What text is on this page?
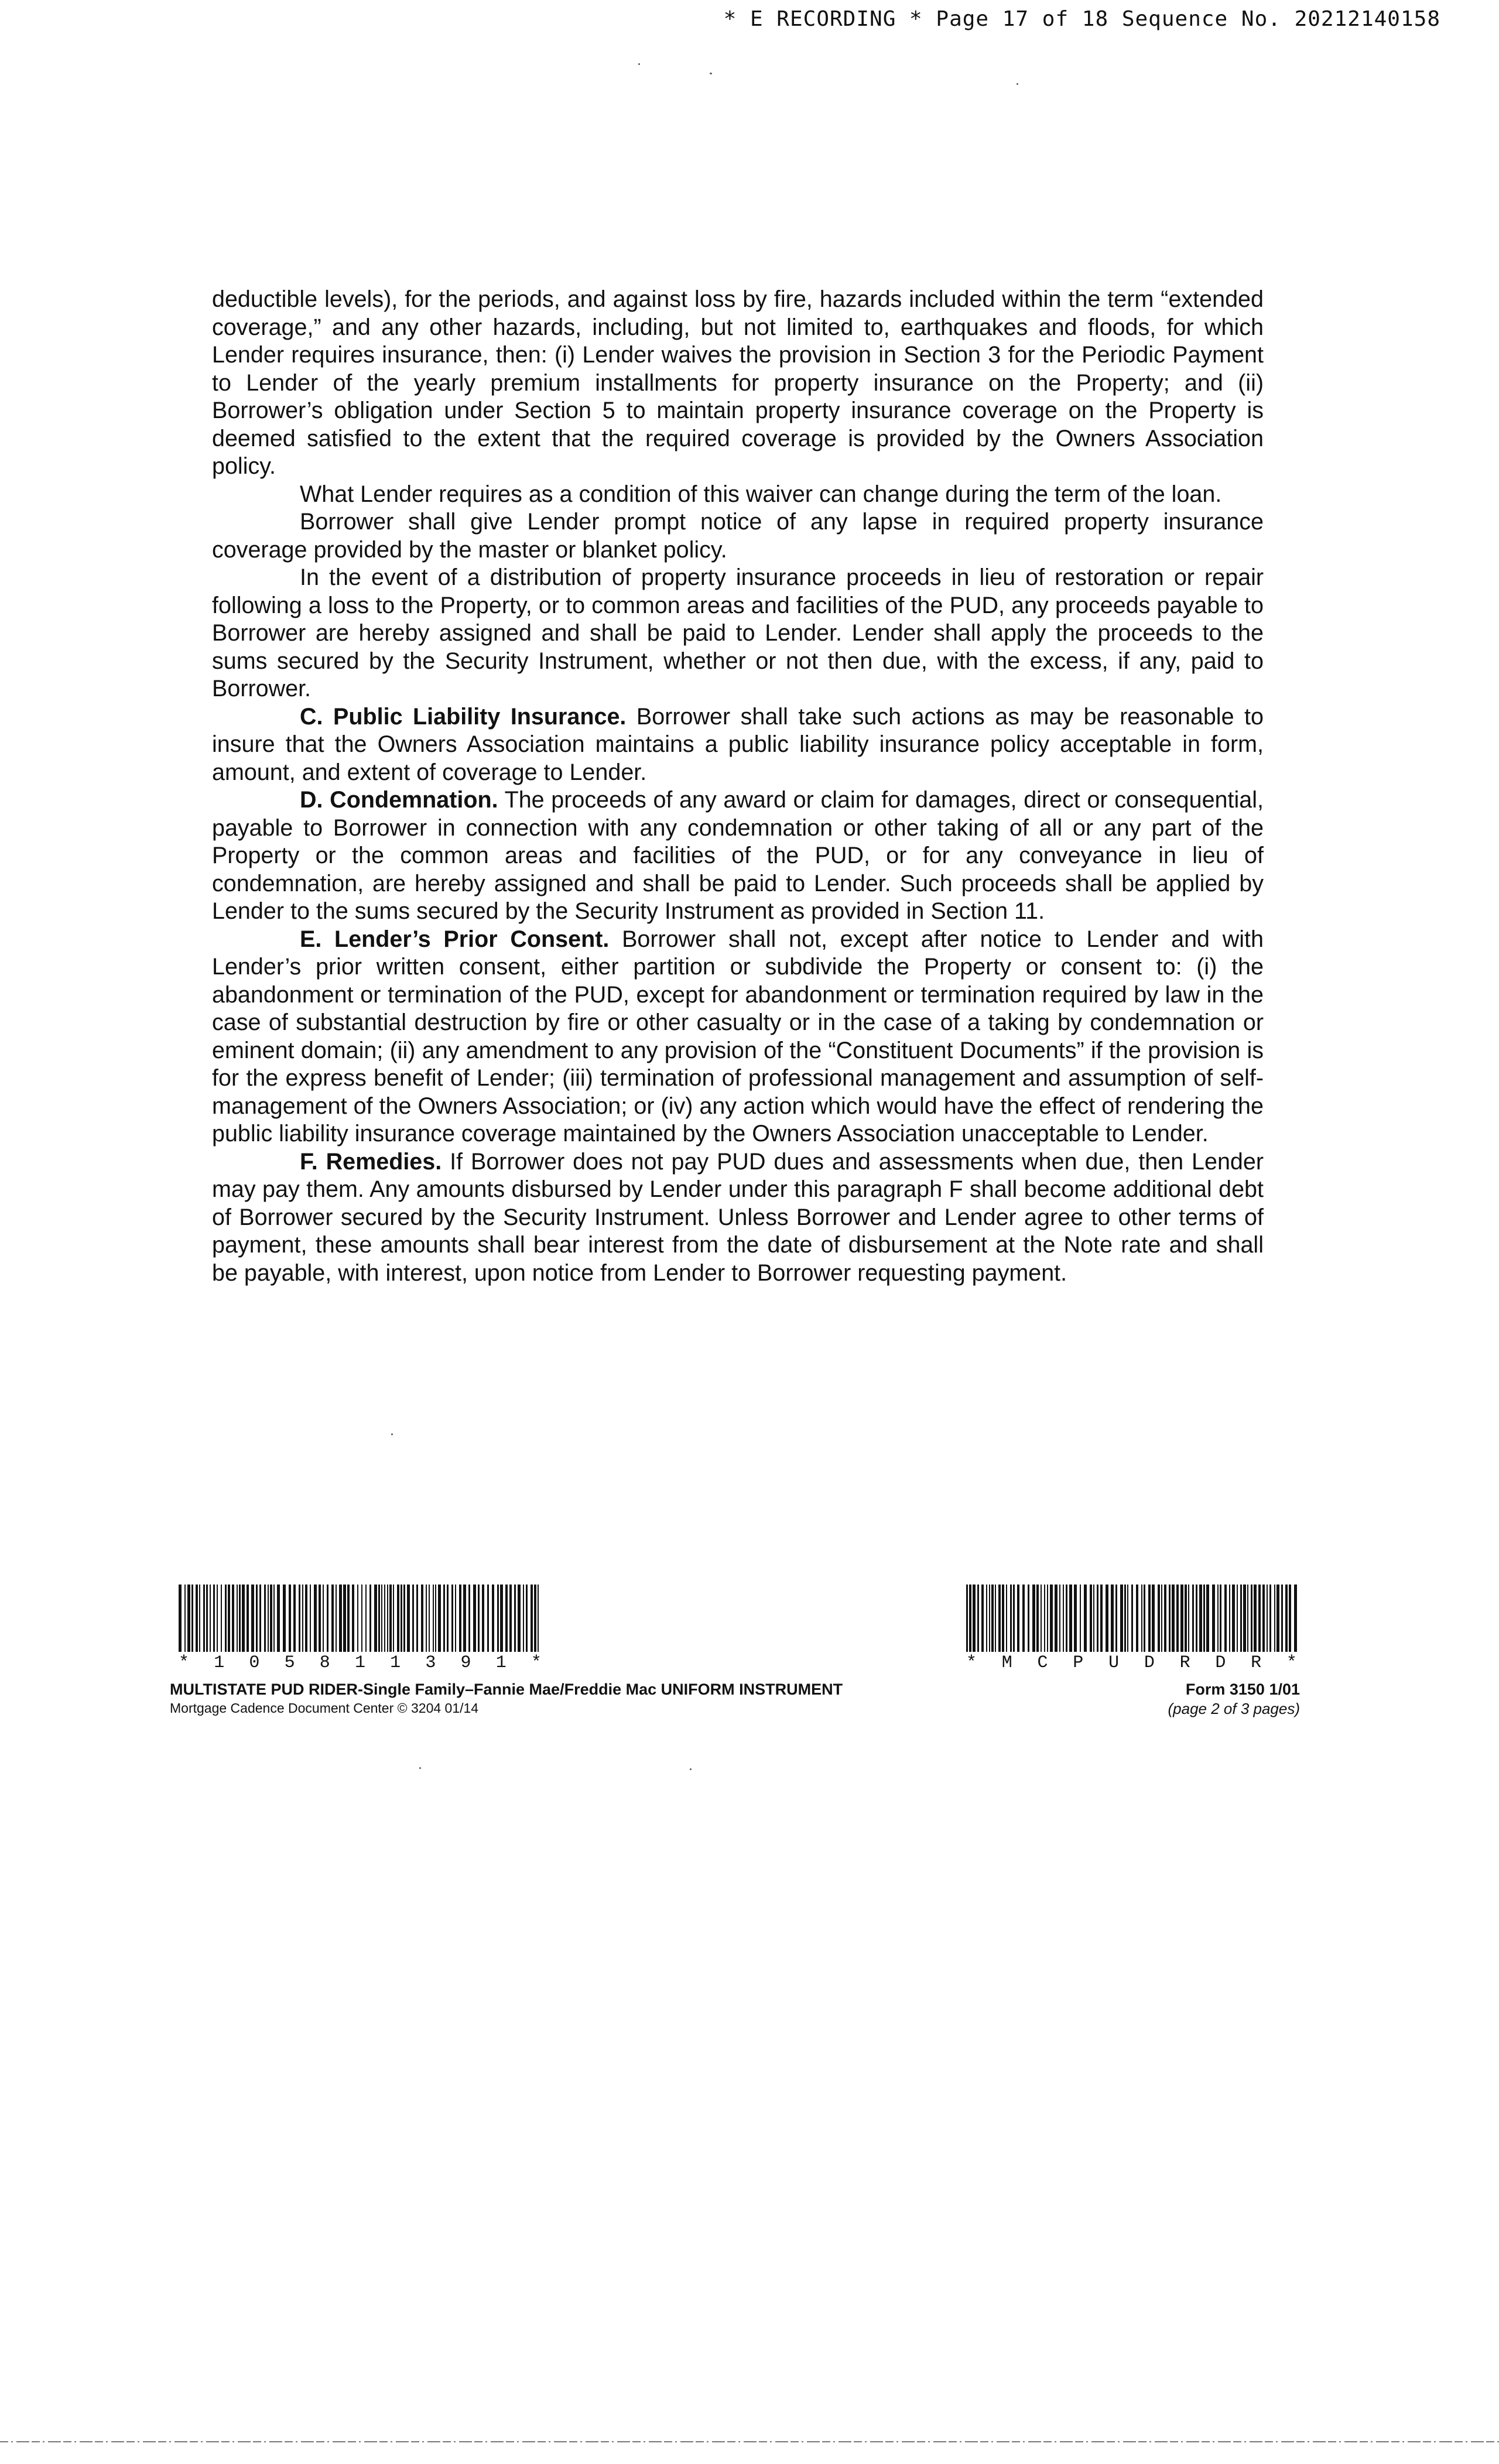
* E RECORDING * Page 17 of 18 Sequence No. 20212140158

deductible levels), for the periods, and against loss by fire, hazards included within the term “extended coverage,” and any other hazards, including, but not limited to, earthquakes and floods, for which Lender requires insurance, then: (i) Lender waives the provision in Section 3 for the Periodic Payment to Lender of the yearly premium installments for property insurance on the Property; and (ii) Borrower’s obligation under Section 5 to maintain property insurance coverage on the Property is deemed satisfied to the extent that the required coverage is provided by the Owners Association policy.

What Lender requires as a condition of this waiver can change during the term of the loan.

Borrower shall give Lender prompt notice of any lapse in required property insurance coverage provided by the master or blanket policy.

In the event of a distribution of property insurance proceeds in lieu of restoration or repair following a loss to the Property, or to common areas and facilities of the PUD, any proceeds payable to Borrower are hereby assigned and shall be paid to Lender. Lender shall apply the proceeds to the sums secured by the Security Instrument, whether or not then due, with the excess, if any, paid to Borrower.

C. Public Liability Insurance. Borrower shall take such actions as may be reasonable to insure that the Owners Association maintains a public liability insurance policy acceptable in form, amount, and extent of coverage to Lender.

D. Condemnation. The proceeds of any award or claim for damages, direct or consequential, payable to Borrower in connection with any condemnation or other taking of all or any part of the Property or the common areas and facilities of the PUD, or for any conveyance in lieu of condemnation, are hereby assigned and shall be paid to Lender. Such proceeds shall be applied by Lender to the sums secured by the Security Instrument as provided in Section 11.

E. Lender’s Prior Consent. Borrower shall not, except after notice to Lender and with Lender’s prior written consent, either partition or subdivide the Property or consent to: (i) the abandonment or termination of the PUD, except for abandonment or termination required by law in the case of substantial destruction by fire or other casualty or in the case of a taking by condemnation or eminent domain; (ii) any amendment to any provision of the “Constituent Documents” if the provision is for the express benefit of Lender; (iii) termination of professional management and assumption of self-management of the Owners Association; or (iv) any action which would have the effect of rendering the public liability insurance coverage maintained by the Owners Association unacceptable to Lender.

F. Remedies. If Borrower does not pay PUD dues and assessments when due, then Lender may pay them. Any amounts disbursed by Lender under this paragraph F shall become additional debt of Borrower secured by the Security Instrument. Unless Borrower and Lender agree to other terms of payment, these amounts shall bear interest from the date of disbursement at the Note rate and shall be payable, with interest, upon notice from Lender to Borrower requesting payment.

* 1 0 5 8 1 1 3 9 1 *	* M C P U D R D R *
MULTISTATE PUD RIDER-Single Family–Fannie Mae/Freddie Mac UNIFORM INSTRUMENT
Mortgage Cadence Document Center © 3204 01/14
Form 3150 1/01
(page 2 of 3 pages)
